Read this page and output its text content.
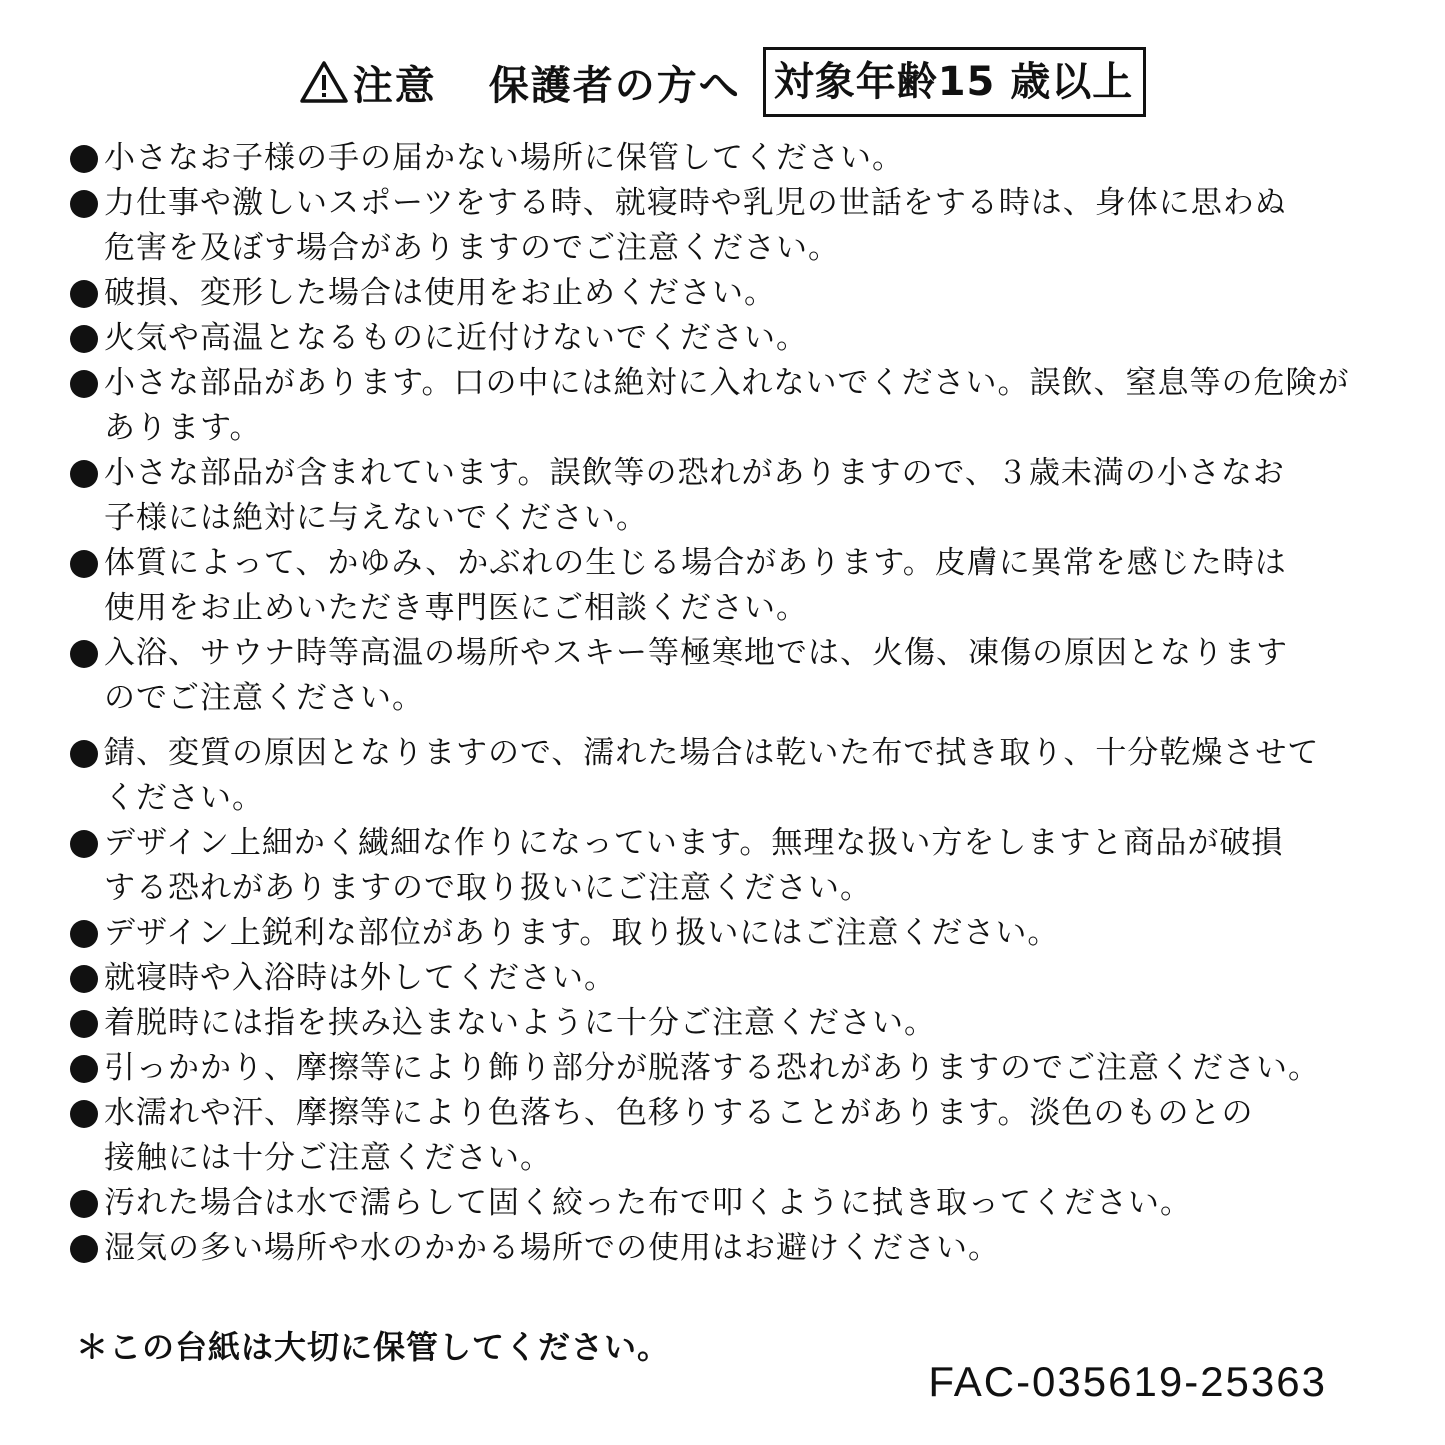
注意 保護者の方へ 対象年齢15 歳以上
小さなお子様の手の届かない場所に保管してください。
力仕事や激しいスポーツをする時、就寝時や乳児の世話をする時は、身体に思わぬ
危害を及ぼす場合がありますのでご注意ください。
破損、変形した場合は使用をお止めください。
火気や高温となるものに近付けないでください。
小さな部品があります。口の中には絶対に入れないでください。誤飲、窒息等の危険が
あります。
小さな部品が含まれています。誤飲等の恐れがありますので、３歳未満の小さなお
子様には絶対に与えないでください。
体質によって、かゆみ、かぶれの生じる場合があります。皮膚に異常を感じた時は
使用をお止めいただき専門医にご相談ください。
入浴、サウナ時等高温の場所やスキー等極寒地では、火傷、凍傷の原因となります
のでご注意ください。
錆、変質の原因となりますので、濡れた場合は乾いた布で拭き取り、十分乾燥させて
ください。
デザイン上細かく繊細な作りになっています。無理な扱い方をしますと商品が破損
する恐れがありますので取り扱いにご注意ください。
デザイン上鋭利な部位があります。取り扱いにはご注意ください。
就寝時や入浴時は外してください。
着脱時には指を挟み込まないように十分ご注意ください。
引っかかり、摩擦等により飾り部分が脱落する恐れがありますのでご注意ください。
水濡れや汗、摩擦等により色落ち、色移りすることがあります。淡色のものとの
接触には十分ご注意ください。
汚れた場合は水で濡らして固く絞った布で叩くように拭き取ってください。
湿気の多い場所や水のかかる場所での使用はお避けください。
＊この台紙は大切に保管してください。
FAC-035619-25363
